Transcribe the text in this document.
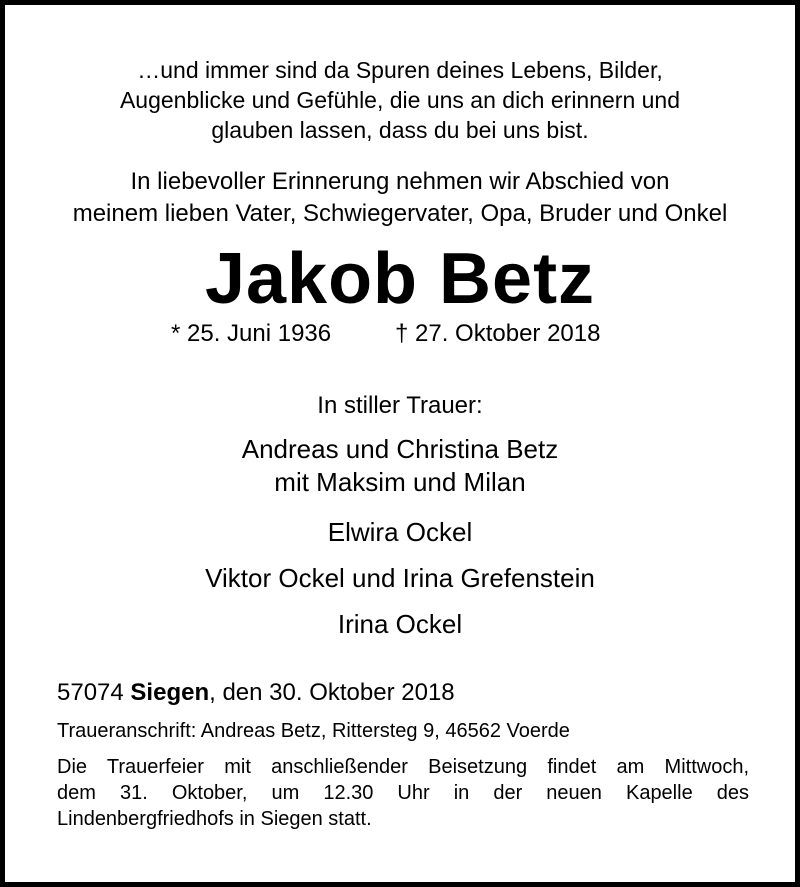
…und immer sind da Spuren deines Lebens, Bilder,
Augenblicke und Gefühle, die uns an dich erinnern und
glauben lassen, dass du bei uns bist.
In liebevoller Erinnerung nehmen wir Abschied von
meinem lieben Vater, Schwiegervater, Opa, Bruder und Onkel
Jakob Betz
* 25. Juni 1936	† 27. Oktober 2018
In stiller Trauer:
Andreas und Christina Betz
mit Maksim und Milan
Elwira Ockel
Viktor Ockel und Irina Grefenstein
Irina Ockel
57074 Siegen, den 30. Oktober 2018
Traueranschrift: Andreas Betz, Rittersteg 9, 46562 Voerde
Die Trauerfeier mit anschließender Beisetzung findet am Mittwoch,
dem 31. Oktober, um 12.30 Uhr in der neuen Kapelle des
Lindenbergfriedhofs in Siegen statt.
